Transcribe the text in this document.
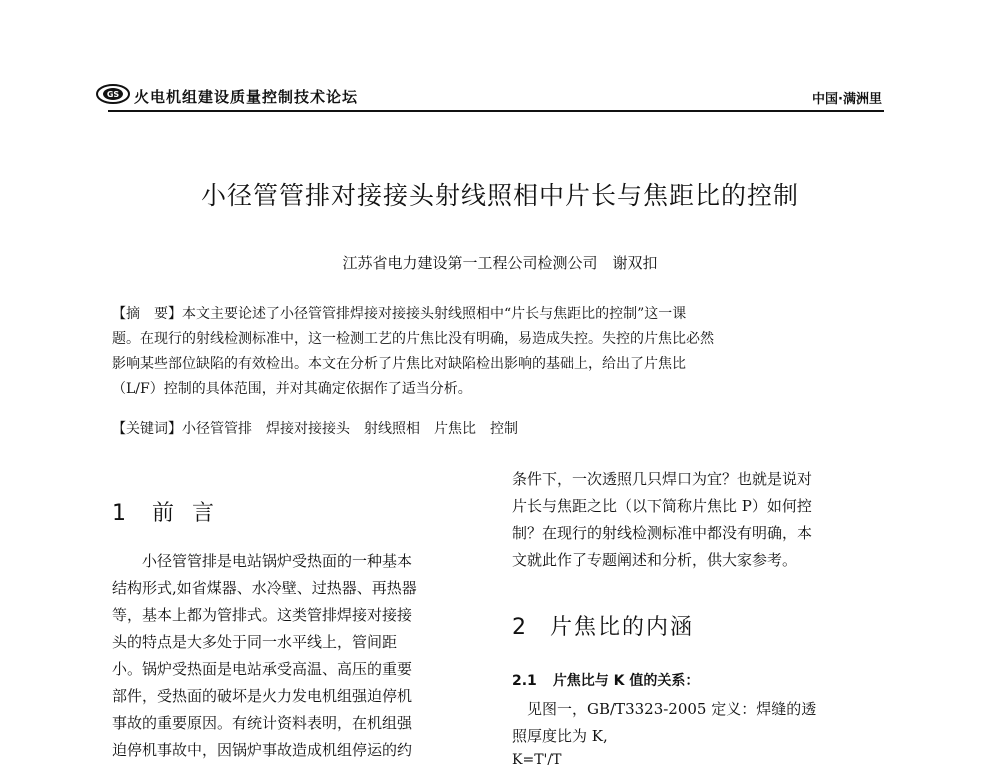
GS 火电机组建设质量控制技术论坛	中国·满洲里
小径管管排对接接头射线照相中片长与焦距比的控制
江苏省电力建设第一工程公司检测公司　谢双扣
【摘　要】本文主要论述了小径管管排焊接对接接头射线照相中“片长与焦距比的控制”这一课
题。在现行的射线检测标准中，这一检测工艺的片焦比没有明确，易造成失控。失控的片焦比必然
影响某些部位缺陷的有效检出。本文在分析了片焦比对缺陷检出影响的基础上，给出了片焦比
（L/F）控制的具体范围，并对其确定依据作了适当分析。
【关键词】小径管管排　焊接对接接头　射线照相　片焦比　控制
1 前言
　　小径管管排是电站锅炉受热面的一种基本
结构形式,如省煤器、水冷壁、过热器、再热器
等，基本上都为管排式。这类管排焊接对接接
头的特点是大多处于同一水平线上，管间距
小。锅炉受热面是电站承受高温、高压的重要
部件，受热面的破坏是火力发电机组强迫停机
事故的重要原因。有统计资料表明，在机组强
迫停机事故中，因锅炉事故造成机组停运的约
条件下，一次透照几只焊口为宜？也就是说对
片长与焦距之比（以下简称片焦比 P）如何控
制？在现行的射线检测标准中都没有明确，本
文就此作了专题阐述和分析，供大家参考。
2 片焦比的内涵
2.1 片焦比与 K 值的关系：
　见图一，GB/T3323-2005 定义：焊缝的透
照厚度比为 K,
K=T'/T
